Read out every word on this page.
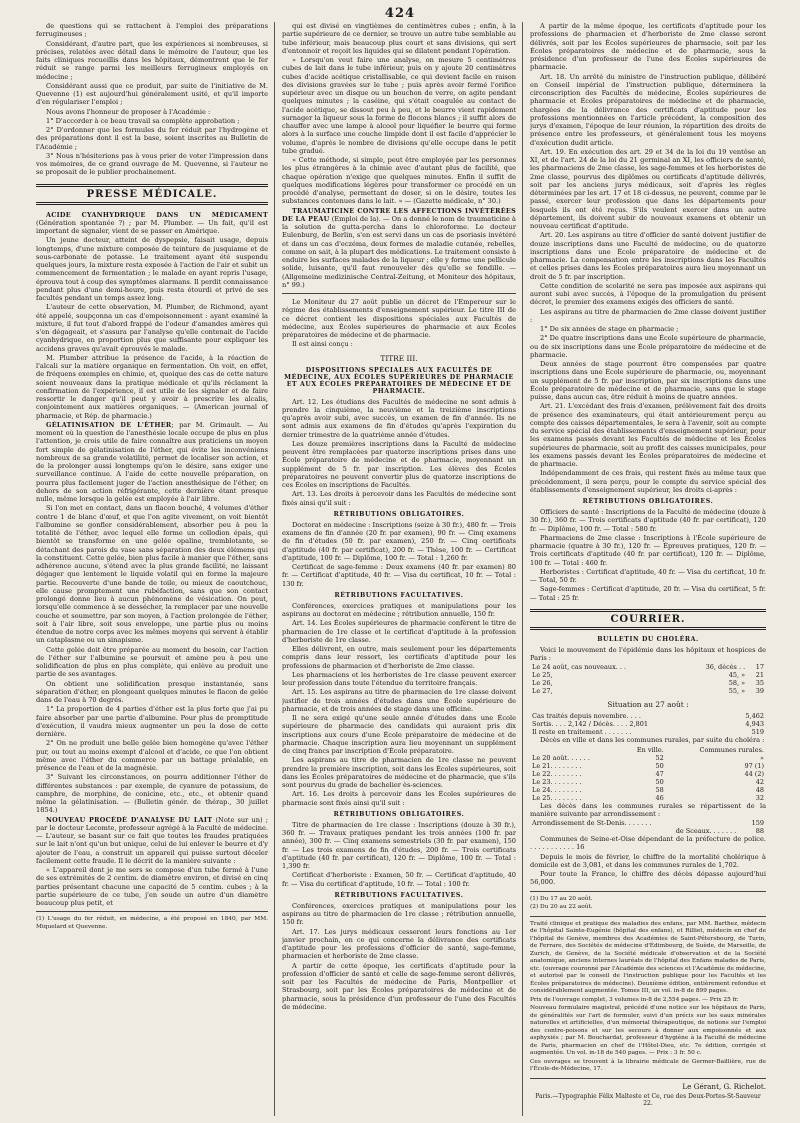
424

de questions qui se rattachent à l'emploi des préparations ferrugineuses ;

Considérant, d'autre part, que les expériences si nombreuses, si précises, relatées avec détail dans le mémoire de l'auteur, que les faits cliniques recueillis dans les hôpitaux, démontrent que le fer réduit se range parmi les meilleurs ferrugineux employés en médecine ;

Considérant aussi que ce produit, par suite de l'initiative de M. Quevenne (1) est aujourd'hui généralement usité, et qu'il importe d'en régulariser l'emploi ;

Nous avons l'honneur de proposer à l'Académie :

1° D'accorder à ce beau travail sa complète approbation ;

2° D'ordonner que les formules du fer réduit par l'hydrogène et des préparations dont il est la base, soient inscrites au Bulletin de l'Académie ;

3° Nous n'hésiterions pas à vous prier de voter l'impression dans vos mémoires, de ce grand ouvrage de M. Quevenne, si l'auteur ne se proposait de le publier prochainement.

PRESSE MÉDICALE.

ACIDE CYANHYDRIQUE DANS UN MÉDICAMENT (Génération spontanée ?) ; par M. Plumber. — Un fait, qu'il est important de signaler, vient de se passer en Amérique.

Un jeune docteur, atteint de dyspepsie, faisait usage, depuis longtemps, d'une mixture composée de teinture de jusquiame et de sous-carbonate de potasse. Le traitement ayant été suspendu quelques jours, la mixture resta exposée à l'action de l'air et subit un commencement de fermentation ; le malade en ayant repris l'usage, éprouva tout à coup des symptômes alarmans. Il perdit connaissance pendant plus d'une demi-heure, puis resta étourdi et privé de ses facultés pendant un temps assez long.

L'auteur de cette observation, M. Plumber, de Richmond, ayant été appelé, soupçonna un cas d'empoisonnement : ayant examiné la mixture, il fut tout d'abord frappé de l'odeur d'amandes amères qui s'en dégageait, et s'assura par l'analyse qu'elle contenait de l'acide cyanhydrique, en proportion plus que suffisante pour expliquer les accidens graves qu'avait éprouvés le malade.

M. Plumber attribue la présence de l'acide, à la réaction de l'alcali sur la matière organique en fermentation. On voit, en effet, de fréquens exemples en chimie, et, quoique des cas de cette nature soient nouveaux dans la pratique médicale et qu'ils réclament la confirmation de l'expérience, il est utile de les signaler et de faire ressortir le danger qu'il peut y avoir à prescrire les alcalis, conjointement aux matières organiques. — (American journal of pharmacie, et Rép. de pharmacie.)

GÉLATINISATION DE L'ÉTHER; par M. Grimault. — Au moment où la question de l'anesthésie locale occupe de plus en plus l'attention, je crois utile de faire connaître aux praticiens un moyen fort simple de gélatinisation de l'éther, qui évite les inconvéniens nombreux de sa grande volatilité, permet de localiser son action, et de la prolonger aussi longtemps qu'on le désire, sans exiger une surveillance continue. A l'aide de cette nouvelle préparation, on pourra plus facilement juger de l'action anesthésique de l'éther, en dehors de son action réfrigérante, cette dernière étant presque nulle, même lorsque la gelée est employée à l'air libre.

Si l'on met en contact, dans un flacon bouché, 4 volumes d'éther contre 1 de blanc d'œuf, et que l'on agite vivement, on voit bientôt l'albumine se gonfler considérablement, absorber peu à peu la totalité de l'éther, avec lequel elle forme un collodion épais, qui bientôt se transforme en une gelée opaline, tremblotante, se détachant des parois du vase sans séparation des deux élémens qui la constituent. Cette gelée, bien plus facile à manier que l'éther, sans adhérence aucune, s'étend avec la plus grande facilité, ne laissant dégager que lentement le liquide volatil qui en forme la majeure partie. Recouverte d'une bande de toile, ou mieux de caoutchouc, elle cause promptement une rubéfaction, sans que son contact prolongé donne lieu à aucun phénomène de vésication. On peut, lorsqu'elle commence à se dessécher, la remplacer par une nouvelle couche et soumettre, par son moyen, à l'action prolongée de l'éther, soit à l'air libre, soit sous enveloppe, une partie plus ou moins étendue de notre corps avec les mêmes moyens qui servent à établir un cataplasme ou un sinapisme.

Cette gelée doit être préparée au moment du besoin, car l'action de l'éther sur l'albumine se poursuit et amène peu à peu une solidification de plus en plus complète, qui enlève au produit une partie de ses avantages.

On obtient une solidification presque instantanée, sans séparation d'éther, en plongeant quelques minutes le flacon de gelée dans de l'eau à 70 degrés.

1° La proportion de 4 parties d'éther est la plus forte que j'ai pu faire absorber par une partie d'albumine. Pour plus de promptitude d'exécution, il vaudra mieux augmenter un peu la dose de cette dernière.

2° On ne produit une belle gelée bien homogène qu'avec l'éther pur, ou tout au moins exempt d'alcool et d'acide, ce que l'on obtient même avec l'éther du commerce par un battage préalable, en présence de l'eau et de la magnésie.

3° Suivant les circonstances, on pourra additionner l'éther de différentes substances : par exemple, de cyanure de potassium, de camphre, de morphine, de conicine, etc., etc., et obtenir quand même la gélatinisation. — (Bulletin génér. de thérap., 30 juillet 1854.)

NOUVEAU PROCÉDÉ D'ANALYSE DU LAIT (Note sur un) ; par le docteur Lecomte, professeur agrégé à la Faculté de médecine. — L'auteur, se basant sur ce fait que toutes les fraudes pratiquées sur le lait n'ont qu'un but unique, celui de lui enlever le beurre et d'y ajouter de l'eau, a construit un appareil qui puisse surtout déceler facilement cette fraude. Il le décrit de la manière suivante :

« L'appareil dont je me sers se compose d'un tube fermé à l'une de ses extrémités de 2 centim. de diamètre environ, et divisé en cinq parties présentant chacune une capacité de 5 centim. cubes ; à la partie supérieure de ce tube, j'en soude un autre d'un diamètre beaucoup plus petit, et

(1) L'usage du fer réduit, en médecine, a été proposé en 1840, par MM. Miquelard et Quevenne.

qui est divisé en vingtièmes de centimètres cubes ; enfin, à la partie supérieure de ce dernier, se trouve un autre tube semblable au tube inférieur, mais beaucoup plus court et sans divisions, qui sert d'entonnoir et reçoit les liquides qui se dilatent pendant l'opération.

» Lorsqu'on veut faire une analyse, on mesure 5 centimètres cubes de lait dans le tube inférieur, puis on y ajoute 20 centimètres cubes d'acide acétique cristallisable, ce qui devient facile en raison des divisions gravées sur le tube ; puis après avoir fermé l'orifice supérieur avec un disque ou un bouchon de verre, on agite pendant quelques minutes ; la caséine, qui s'était coagulée au contact de l'acide acétique, se dissout peu à peu, et le beurre vient rapidement surnager la liqueur sous la forme de flocons blancs ; il suffit alors de chauffer avec une lampe à alcool pour liquéfier le beurre qui forme alors à la surface une couche limpide dont il est facile d'apprécier le volume, d'après le nombre de divisions qu'elle occupe dans le petit tube gradué.

» Cette méthode, si simple, peut être employée par les personnes les plus étrangères à la chimie avec d'autant plus de facilité, que chaque opération n'exige que quelques minutes. Enfin il suffit de quelques modifications légères pour transformer ce procédé en un procédé d'analyse, permettant de doser, si on le désire, toutes les substances contenues dans le lait. » — (Gazette médicale, n° 30.)

TRAUMATICINE CONTRE LES AFFECTIONS INVÉTÉRÉES DE LA PEAU (Emploi de la). — On a donné le nom de traumaticine à la solution de gutta-percha dans le chloroforme. Le docteur Eulenburg, de Berlin, s'en est servi dans un cas de psoriasis invétéré et dans un cas d'eczéma, deux formes de maladie cutanée, rebelles, comme on sait, à la plupart des médications. Le traitement consiste à enduire les surfaces malades de la liqueur ; elle y forme une pellicule solide, luisante, qu'il faut renouveler dès qu'elle se fendille. — (Allgemeine medizinische Central-Zeitung, et Moniteur des hôpitaux, n° 99.)

Le Moniteur du 27 août publie un décret de l'Empereur sur le régime des établissements d'enseignement supérieur. Le titre III de ce décret contient les dispositions spéciales aux Facultés de médecine, aux Écoles supérieures de pharmacie et aux Écoles préparatoires de médecine et de pharmacie.

Il est ainsi conçu :

TITRE III.
DISPOSITIONS SPÉCIALES AUX FACULTÉS DE MÉDECINE, AUX ÉCOLES SUPÉRIEURES DE PHARMACIE ET AUX ÉCOLES PRÉPARATOIRES DE MÉDECINE ET DE PHARMACIE.

Art. 12. Les étudians des Facultés de médecine ne sont admis à prendre la cinquième, la neuvième et la treizième inscriptions qu'après avoir subi, avec succès, un examen de fin d'année. Ils ne sont admis aux examens de fin d'études qu'après l'expiration du dernier trimestre de la quatrième année d'études.

Les douze premières inscriptions dans la Faculté de médecine peuvent être remplacées par quatorze inscriptions prises dans une École préparatoire de médecine et de pharmacie, moyennant un supplément de 5 fr. par inscription. Les élèves des Écoles préparatoires ne peuvent convertir plus de quatorze inscriptions de ces Écoles en inscriptions de Facultés.

Art. 13. Les droits à percevoir dans les Facultés de médecine sont fixés ainsi qu'il suit :

RÉTRIBUTIONS OBLIGATOIRES.

Doctorat en médecine : Inscriptions (seize à 30 fr.), 480 fr. — Trois examens de fin d'année (20 fr. par examen), 90 fr. — Cinq examens de fin d'études (50 fr. par examen), 250 fr. — Cinq certificats d'aptitude (40 fr. par certificat), 200 fr. — Thèse, 100 fr. — Certificat d'aptitude, 100 fr. — Diplôme, 100 fr. — Total : 1,260 fr.

Certificat de sage-femme : Deux examens (40 fr. par examen) 80 fr. — Certificat d'aptitude, 40 fr. — Visa du certificat, 10 fr. — Total : 130 fr.

RÉTRIBUTIONS FACULTATIVES.

Conférences, exercices pratiques et manipulations pour les aspirans au doctorat en médecine ; rétribution annuelle, 150 fr.

Art. 14. Les Écoles supérieures de pharmacie confèrent le titre de pharmacien de 1re classe et le certificat d'aptitude à la profession d'herboriste de 1re classe.

Elles délivrent, en outre, mais seulement pour les départements compris dans leur ressort, les certificats d'aptitude pour les professions de pharmacien et d'herboriste de 2me classe.

Les pharmaciens et les herboristes de 1re classe peuvent exercer leur profession dans toute l'étendue du territoire français.

Art. 15. Les aspirans au titre de pharmacien de 1re classe doivent justifier de trois années d'études dans une École supérieure de pharmacie, et de trois années de stage dans une officine.

Il ne sera exigé qu'une seule année d'études dans une École supérieure de pharmacie des candidats qui auraient pris dix inscriptions aux cours d'une École préparatoire de médecine et de pharmacie. Chaque inscription aura lieu moyennant un supplément de cinq francs par inscription d'École préparatoire.

Les aspirans au titre de pharmacien de 1re classe ne peuvent prendre la première inscription, soit dans les Écoles supérieures, soit dans les Écoles préparatoires de médecine et de pharmacie, que s'ils sont pourvus du grade de bachelier ès-sciences.

Art. 16. Les droits à percevoir dans les Écoles supérieures de pharmacie sont fixés ainsi qu'il suit :

RÉTRIBUTIONS OBLIGATOIRES.

Titre de pharmacien de 1re classe : Inscriptions (douze à 30 fr.), 360 fr. — Travaux pratiques pendant les trois années (100 fr. par année), 300 fr. — Cinq examens semestriels (30 fr. par examen), 150 fr. — Les trois examens de fin d'études, 200 fr. — Trois certificats d'aptitude (40 fr. par certificat), 120 fr. — Diplôme, 100 fr. — Total : 1,390 fr.

Certificat d'herboriste : Examen, 50 fr. — Certificat d'aptitude, 40 fr. — Visa du certificat d'aptitude, 10 fr. — Total : 100 fr.

RÉTRIBUTIONS FACULTATIVES.

Conférences, exercices pratiques et manipulations pour les aspirans au titre de pharmacien de 1re classe ; rétribution annuelle, 150 fr.

Art. 17. Les jurys médicaux cesseront leurs fonctions au 1er janvier prochain, en ce qui concerne la délivrance des certificats d'aptitude pour les professions d'officier de santé, sage-femme, pharmacien et herboriste de 2me classe.

A partir de cette époque, les certificats d'aptitude pour la profession d'officier de santé et celle de sage-femme seront délivrés, soit par les Facultés de médecine de Paris, Montpellier et Strasbourg, soit par les Écoles préparatoires de médecine et de pharmacie, sous la présidence d'un professeur de l'une des Facultés de médecine.

A partir de la même époque, les certificats d'aptitude pour les professions de pharmacien et d'herboriste de 2me classe seront délivrés, soit par les Écoles supérieures de pharmacie, soit par les Écoles préparatoires de médecine et de pharmacie, sous la présidence d'un professeur de l'une des Écoles supérieures de pharmacie.

Art. 18. Un arrêté du ministre de l'instruction publique, délibéré en Conseil impérial de l'instruction publique, déterminera la circonscription des Facultés de médecine, Écoles supérieures de pharmacie et Écoles préparatoires de médecine et de pharmacie, chargées de la délivrance des certificats d'aptitude pour les professions mentionnées en l'article précédent, la composition des jurys d'examen, l'époque de leur réunion, la répartition des droits de présence entre les professeurs, et généralement tous les moyens d'exécution dudit article.

Art. 19. En exécution des art. 29 et 34 de la loi du 19 ventôse an XI, et de l'art. 24 de la loi du 21 germinal an XI, les officiers de santé, les pharmaciens de 2me classe, les sage-femmes et les herboristes de 2me classe, pourvus des diplômes ou certificats d'aptitude délivrés, soit par les anciens jurys médicaux, soit d'après les règles déterminées par les art. 17 et 18 ci-dessus, ne peuvent, comme par le passé, exercer leur profession que dans les départements pour lesquels ils ont été reçus. S'ils veulent exercer dans un autre département, ils doivent subir de nouveaux examens et obtenir un nouveau certificat d'aptitude.

Art. 20. Les aspirans au titre d'officier de santé doivent justifier de douze inscriptions dans une Faculté de médecine, ou de quatorze inscriptions dans une École préparatoire de médecine et de pharmacie. La compensation entre les inscriptions dans les Facultés et celles prises dans les Écoles préparatoires aura lieu moyennant un droit de 5 fr. par inscription.

Cette condition de scolarité ne sera pas imposée aux aspirans qui auront subi avec succès, à l'époque de la promulgation du présent décret, le premier des examens exigés des officiers de santé.

Les aspirans au titre de pharmacien de 2me classe doivent justifier :

1° De six années de stage en pharmacie ;

2° De quatre inscriptions dans une École supérieure de pharmacie, ou de six inscriptions dans une École préparatoire de médecine et de pharmacie.

Deux années de stage pourront être compensées par quatre inscriptions dans une École supérieure de pharmacie, ou, moyennant un supplément de 5 fr. par inscription, par six inscriptions dans une École préparatoire de médecine et de pharmacie, sans que le stage puisse, dans aucun cas, être réduit à moins de quatre années.

Art. 21. L'excédant des frais d'examen, prélèvement fait des droits de présence des examinateurs, qui était antérieurement perçu au compte des caisses départementales, le sera à l'avenir, soit au compte du service spécial des établissements d'enseignement supérieur, pour les examens passés devant les Facultés de médecine et les Écoles supérieures de pharmacie, soit au profit des caisses municipales, pour les examens passés devant les Écoles préparatoires de médecine et de pharmacie.

Indépendamment de ces frais, qui restent fixés au même taux que précédemment, il sera perçu, pour le compte du service spécial des établissements d'enseignement supérieur, les droits ci-après :

RÉTRIBUTIONS OBLIGATOIRES.

Officiers de santé : Inscriptions de la Faculté de médecine (douze à 30 fr.), 360 fr. — Trois certificats d'aptitude (40 fr. par certificat), 120 fr. — Diplôme, 100 fr. — Total : 580 fr.

Pharmaciens de 2me classe : Inscriptions à l'École supérieure de pharmacie (quatre à 30 fr.), 120 fr. — Épreuves pratiques, 120 fr. — Trois certificats d'aptitude (40 fr. par certificat), 120 fr. — Diplôme, 100 fr. — Total : 460 fr.

Herboristes : Certificat d'aptitude, 40 fr. — Visa du certificat, 10 fr. — Total, 50 fr.

Sage-femmes : Certificat d'aptitude, 20 fr. — Visa du certificat, 5 fr. — Total : 25 fr.

COURRIER.
BULLETIN DU CHOLÉRA.

Voici le mouvement de l'épidémie dans les hôpitaux et hospices de Paris :

Le 24 août, cas nouveaux. . .	36, décès . .	17
Le 25,	45, »	21
Le 26,	58, »	35
Le 27,	55, »	39
Situation au 27 août :
Cas traités depuis novembre. . . .	5,462
Sortis. . . . 2,142 / Décès. . . . 2,801	4,943
Il reste en traitement . . . . . . .	519

Décès en ville et dans les communes rurales, par suite du choléra :

	En ville.	Communes rurales.
Le 20 août. . . . . .	52	»
Le 21. . . . . . . .	50	97 (1)
Le 22. . . . . . . .	47	44 (2)
Le 23. . . . . . . .	50	42
Le 24. . . . . . . .	58	48
Le 25. . . . . . . .	46	32

Les décès dans les communes rurales se répartissent de la manière suivante par arrondissement :

Arrondissement de St-Denis. . . . . . .	159
de Sceaux. . . . . . .	88

Communes de Seine-et-Oise dépendant de la préfecture de police. . . . . . . . . . . . 16

Depuis le mois de février, le chiffre de la mortalité cholérique à domicile est de 3,081, et dans les communes rurales de 1,702.

Pour toute la France, le chiffre des décès dépasse aujourd'hui 56,000.

(1) Du 17 au 20 août.

(2) Du 20 au 22 août.

Traité clinique et pratique des maladies des enfans, par MM. Barthez, médecin de l'hôpital Sainte-Eugénie (hôpital des enfans), et Rilliet, médecin en chef de l'hôpital de Genève, membres des Académies de Saint-Pétersbourg, de Turin, de Ferrare, des Sociétés de médecine d'Édimbourg, de Suède, de Marseille, de Zurich, de Genève, de la Société médicale d'observation et de la Société anatomique, anciens internes lauréats de l'hôpital des Enfans malades de Paris, etc. (ouvrage couronné par l'Académie des sciences et l'Académie de médecine, et autorisé par le conseil de l'instruction publique pour les Facultés et les Écoles préparatoires de médecine). Deuxième édition, entièrement refondue et considérablement augmentée. Tomes III, un vol. in-8 de 899 pages.

Prix de l'ouvrage complet, 3 volumes in-8 de 2,554 pages. — Prix 25 fr.

Nouveau formulaire magistral, précédé d'une notice sur les hôpitaux de Paris, de généralités sur l'art de formuler, suivi d'un précis sur les eaux minérales naturelles et artificielles, d'un mémorial thérapeutique, de notions sur l'emploi des contre-poisons et sur les secours à donner aux empoisonnés et aux asphyxiés ; par M. Bouchardat, professeur d'hygiène à la Faculté de médecine de Paris, pharmacien en chef de l'Hôtel-Dieu, etc. 7e édition, corrigée et augmentée. Un vol. in-18 de 540 pages. — Prix : 3 fr. 50 c.

Ces ouvrages se trouvent à la librairie médicale de Germer-Baillière, rue de l'École-de-Médecine, 17.

Le Gérant, G. Richelot.
Paris.—Typographie Félix Malteste et Ce, rue des Deux-Portes-St-Sauveur 22.
